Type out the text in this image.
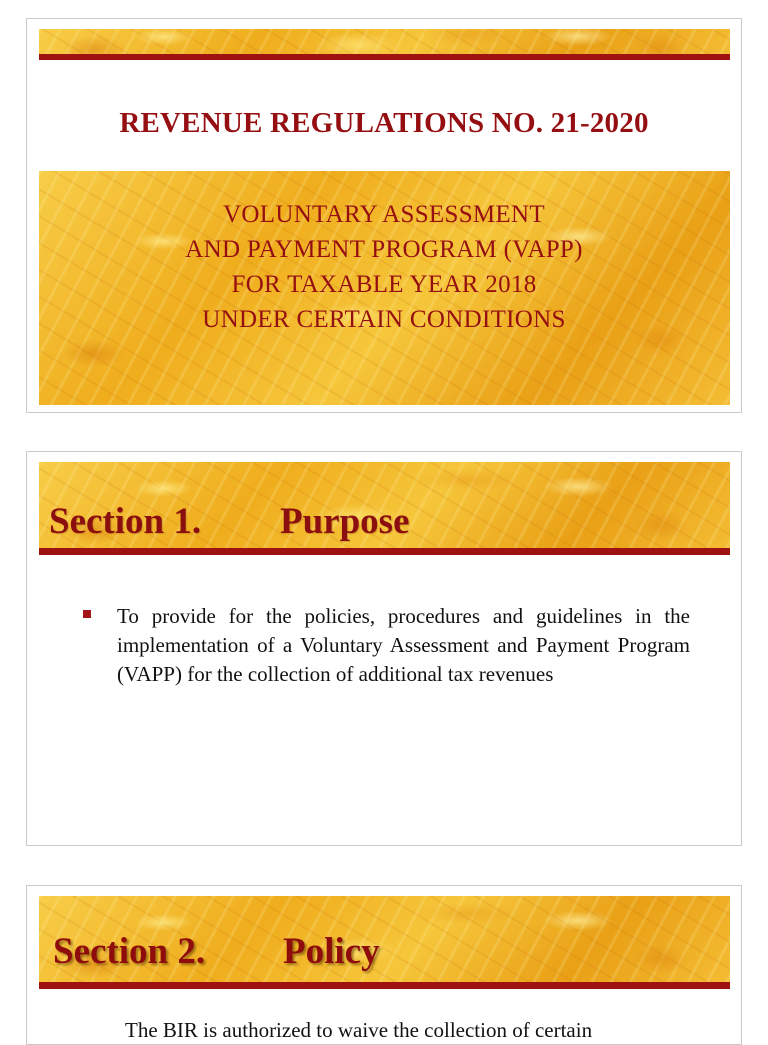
REVENUE REGULATIONS NO. 21-2020
VOLUNTARY ASSESSMENT
AND PAYMENT PROGRAM (VAPP)
FOR TAXABLE YEAR 2018
UNDER CERTAIN CONDITIONS
Section 1. Purpose
To provide for the policies, procedures and guidelines in the implementation of a Voluntary Assessment and Payment Program (VAPP) for the collection of additional tax revenues
Section 2. Policy
The BIR is authorized to waive the collection of certain
